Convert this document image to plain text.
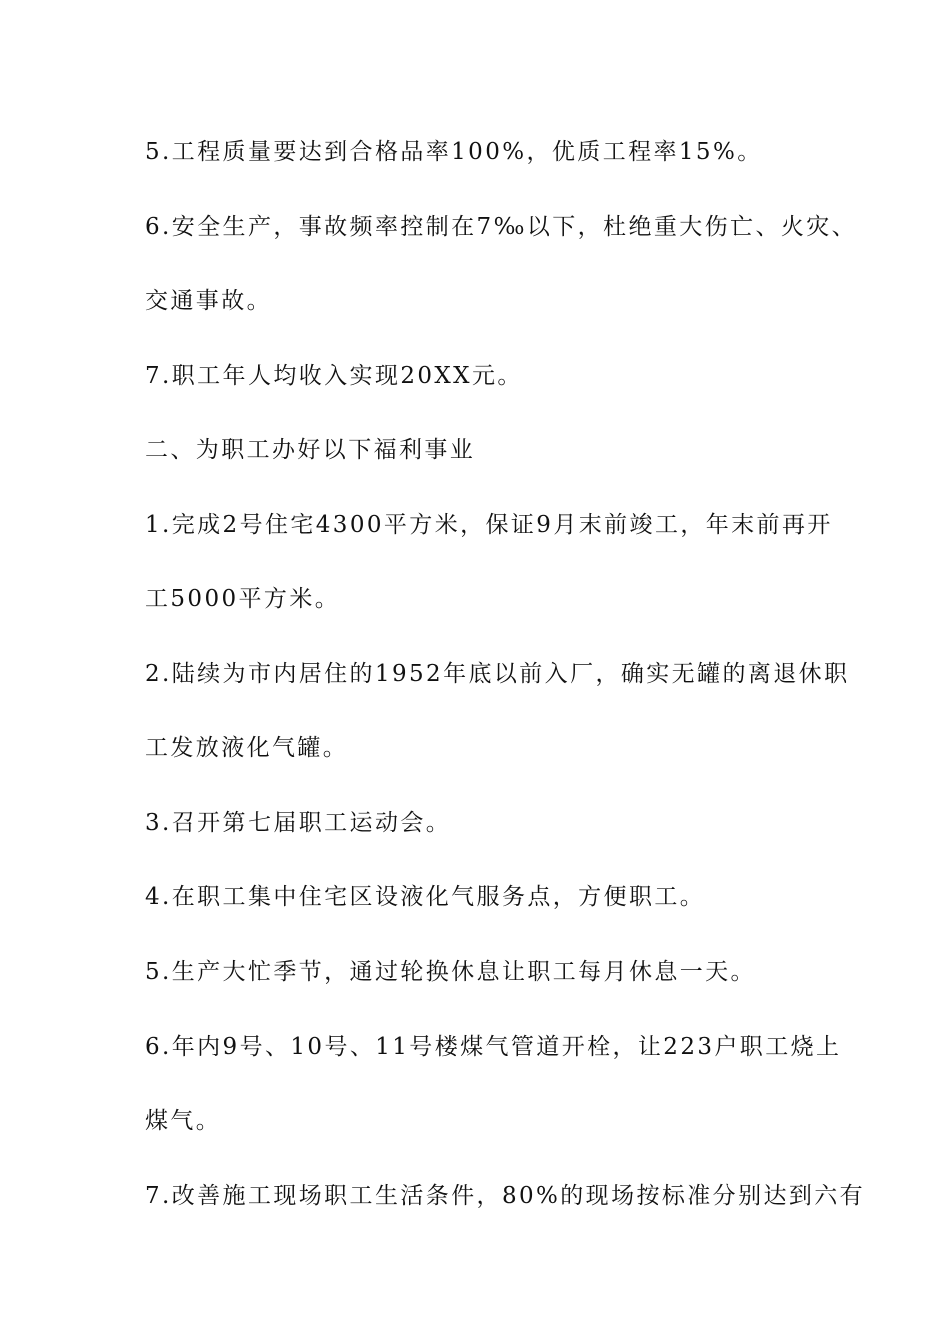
5.工程质量要达到合格品率100%，优质工程率15%。
6.安全生产，事故频率控制在7‰以下，杜绝重大伤亡、火灾、
交通事故。
7.职工年人均收入实现20XX元。
二、为职工办好以下福利事业
1.完成2号住宅4300平方米，保证9月末前竣工，年末前再开
工5000平方米。
2.陆续为市内居住的1952年底以前入厂，确实无罐的离退休职
工发放液化气罐。
3.召开第七届职工运动会。
4.在职工集中住宅区设液化气服务点，方便职工。
5.生产大忙季节，通过轮换休息让职工每月休息一天。
6.年内9号、10号、11号楼煤气管道开栓，让223户职工烧上
煤气。
7.改善施工现场职工生活条件，80%的现场按标准分别达到六有
